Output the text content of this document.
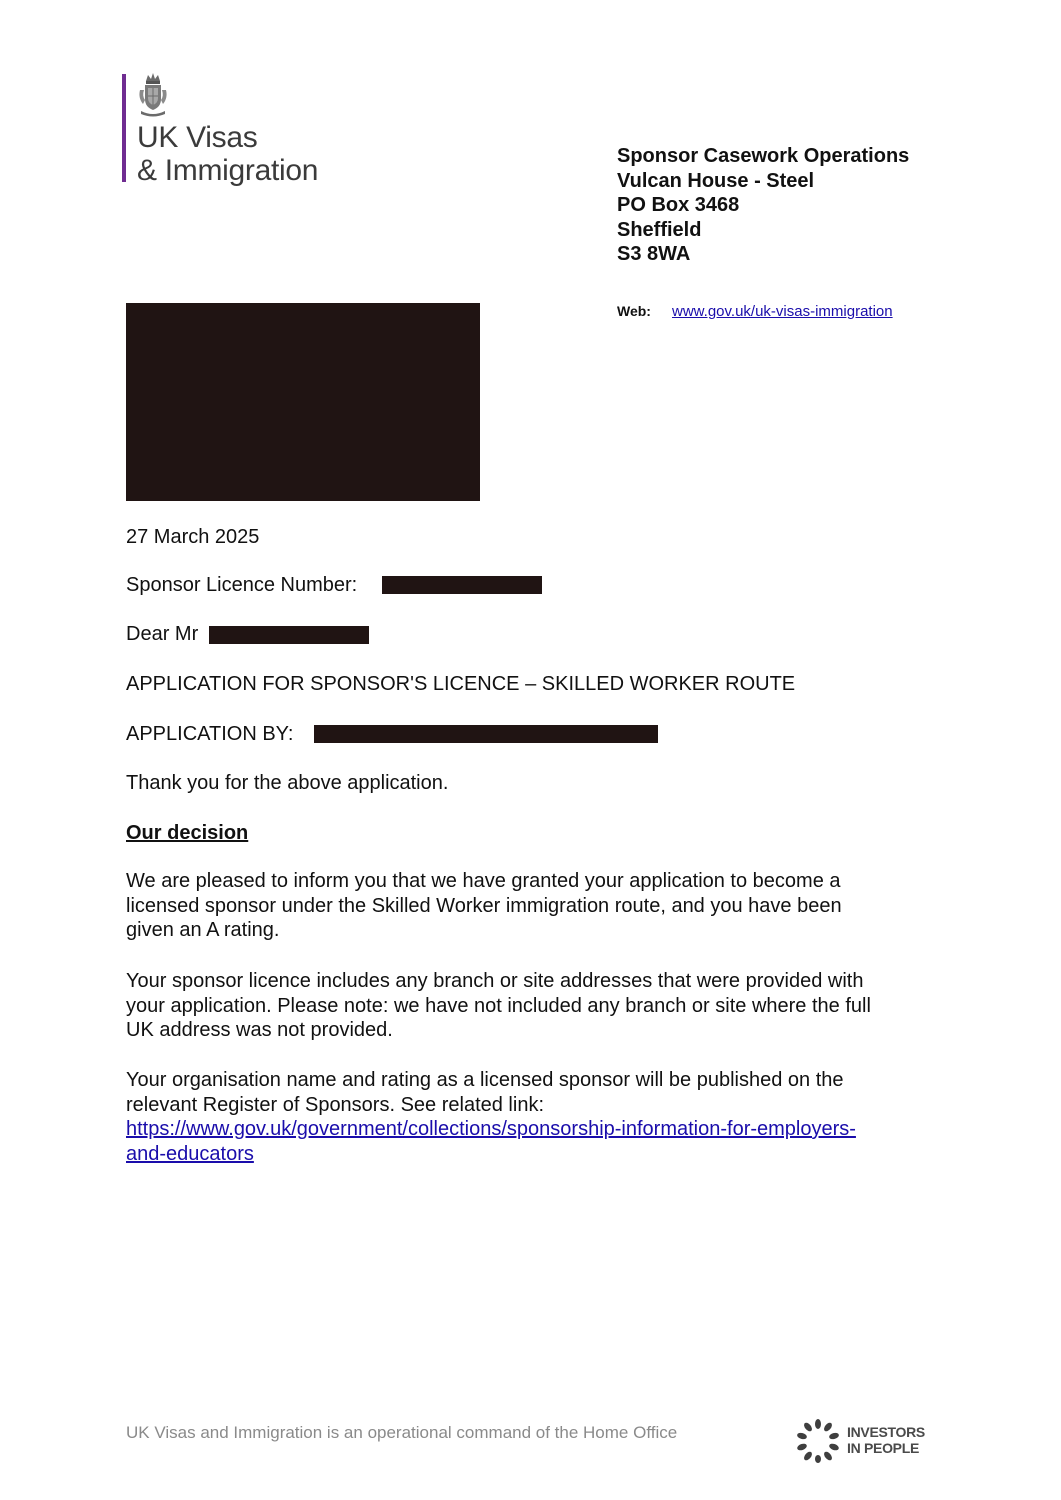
UK Visas
& Immigration	Sponsor Casework Operations
Vulcan House - Steel
PO Box 3468
Sheffield
S3 8WA
Web: www.gov.uk/uk-visas-immigration
27 March 2025
Sponsor Licence Number:
Dear Mr
APPLICATION FOR SPONSOR'S LICENCE – SKILLED WORKER ROUTE
APPLICATION BY:
Thank you for the above application.
Our decision
We are pleased to inform you that we have granted your application to become a
licensed sponsor under the Skilled Worker immigration route, and you have been
given an A rating.
Your sponsor licence includes any branch or site addresses that were provided with
your application. Please note: we have not included any branch or site where the full
UK address was not provided.
Your organisation name and rating as a licensed sponsor will be published on the
relevant Register of Sponsors. See related link:
https://www.gov.uk/government/collections/sponsorship-information-for-employers-
and-educators
UK Visas and Immigration is an operational command of the Home Office	INVESTORS
IN PEOPLE
